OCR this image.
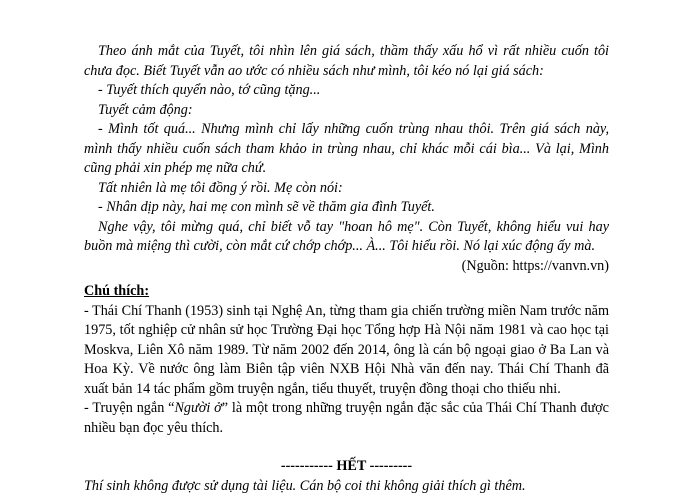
Theo ánh mắt của Tuyết, tôi nhìn lên giá sách, thầm thấy xấu hổ vì rất nhiều cuốn tôi chưa đọc. Biết Tuyết vẫn ao ước có nhiều sách như mình, tôi kéo nó lại giá sách:

- Tuyết thích quyển nào, tớ cũng tặng...

Tuyết cảm động:

- Mình tốt quá... Nhưng mình chỉ lấy những cuốn trùng nhau thôi. Trên giá sách này, mình thấy nhiều cuốn sách tham khảo in trùng nhau, chỉ khác mỗi cái bìa... Và lại, Mình cũng phải xin phép mẹ nữa chứ.

Tất nhiên là mẹ tôi đồng ý rồi. Mẹ còn nói:

- Nhân dịp này, hai mẹ con mình sẽ về thăm gia đình Tuyết.

Nghe vậy, tôi mừng quá, chỉ biết vỗ tay "hoan hô mẹ". Còn Tuyết, không hiểu vui hay buồn mà miệng thì cười, còn mắt cứ chớp chớp... À... Tôi hiểu rồi. Nó lại xúc động ấy mà.

(Nguồn: https://vanvn.vn)

Chú thích:

- Thái Chí Thanh (1953) sinh tại Nghệ An, từng tham gia chiến trường miền Nam trước năm 1975, tốt nghiệp cử nhân sử học Trường Đại học Tổng hợp Hà Nội năm 1981 và cao học tại Moskva, Liên Xô năm 1989. Từ năm 2002 đến 2014, ông là cán bộ ngoại giao ở Ba Lan và Hoa Kỳ. Về nước ông làm Biên tập viên NXB Hội Nhà văn đến nay. Thái Chí Thanh đã xuất bản 14 tác phẩm gồm truyện ngắn, tiểu thuyết, truyện đồng thoại cho thiếu nhi.

- Truyện ngắn “Người ở” là một trong những truyện ngắn đặc sắc của Thái Chí Thanh được nhiều bạn đọc yêu thích.

----------- HẾT ---------

Thí sinh không được sử dụng tài liệu. Cán bộ coi thi không giải thích gì thêm.
